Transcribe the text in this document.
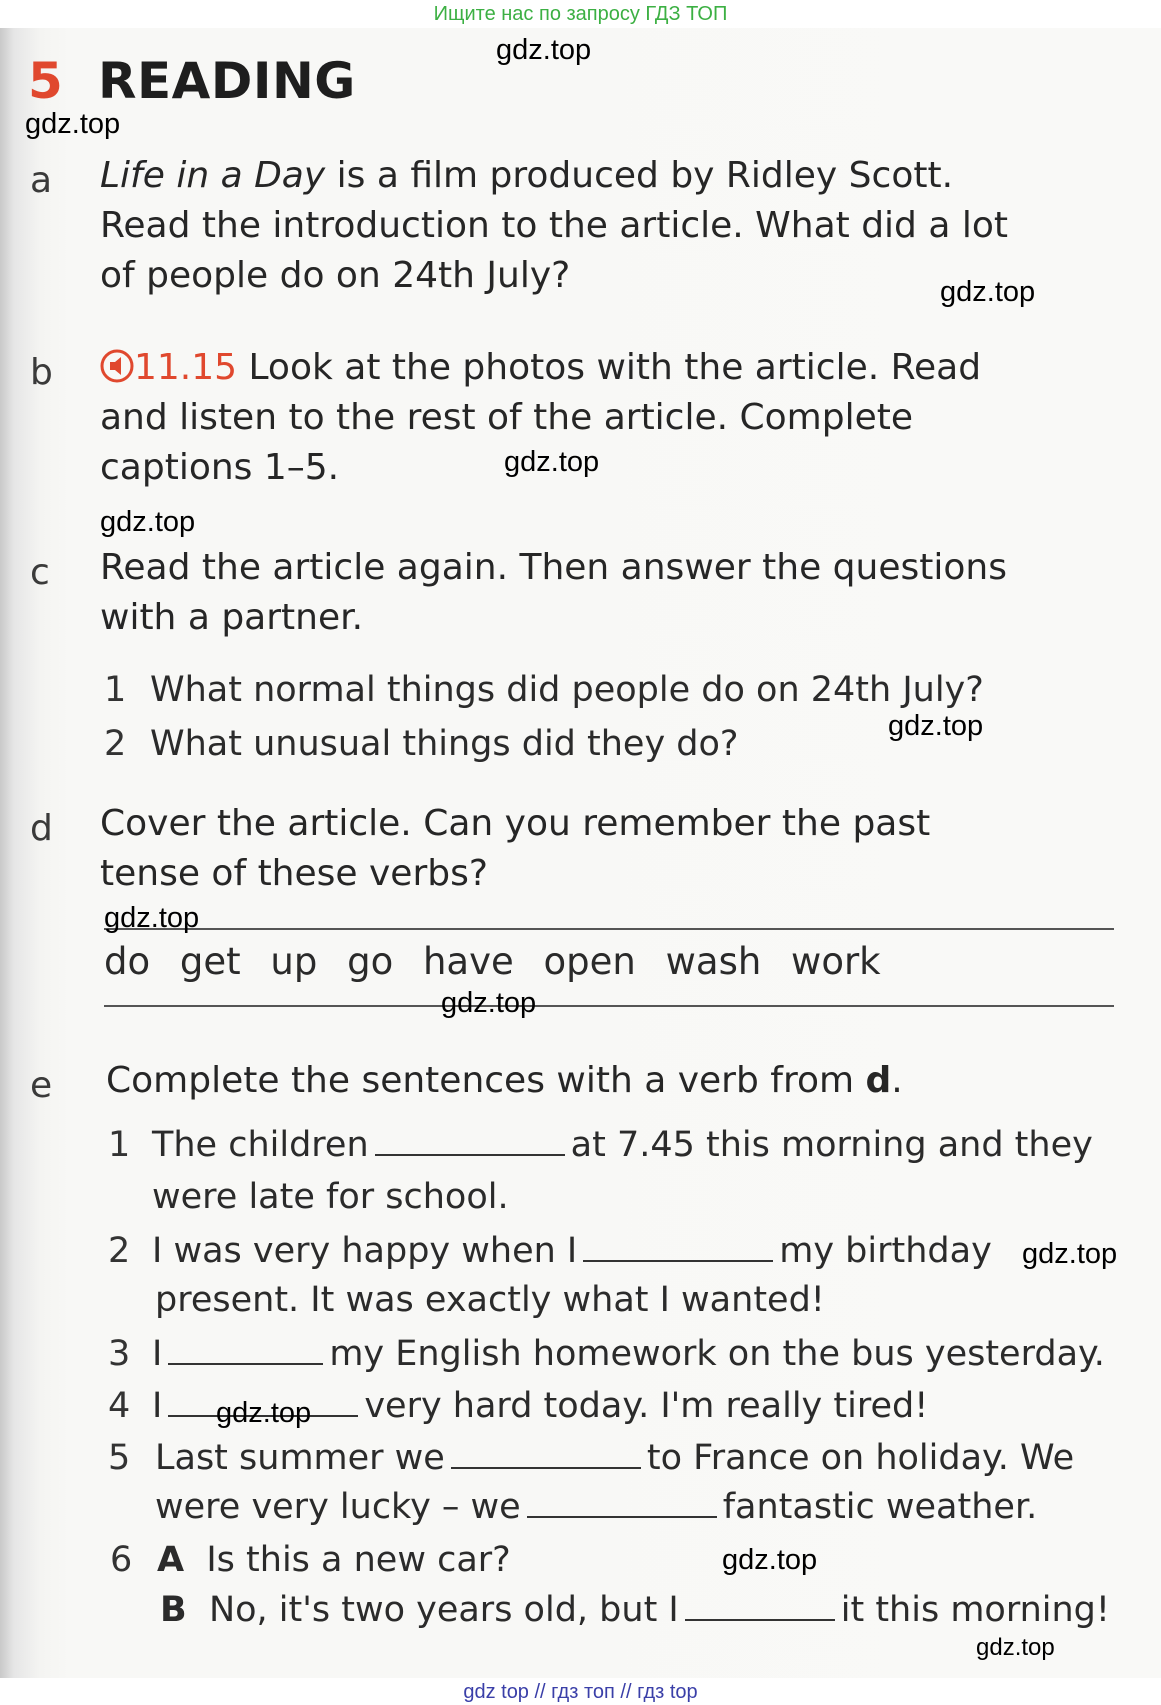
Ищите нас по запросу ГДЗ ТОП
5 READING
a Life in a Day is a film produced by Ridley Scott.
Read the introduction to the article. What did a lot
of people do on 24th July?
b	11.15 Look at the photos with the article. Read
and listen to the rest of the article. Complete
captions 1–5.
c Read the article again. Then answer the questions
with a partner.
1 What normal things did people do on 24th July?
2 What unusual things did they do?
d Cover the article. Can you remember the past
tense of these verbs?
do get up go have open wash work
e Complete the sentences with a verb from d.
1 The children	at 7.45 this morning and they
were late for school.
2 I was very happy when I	my birthday
present. It was exactly what I wanted!
3 I	my English homework on the bus yesterday.
4 I	very hard today. I'm really tired!
5 Last summer we	to France on holiday. We
were very lucky – we	fantastic weather.
6 A Is this a new car?
B No, it's two years old, but I	it this morning!
gdz.top
gdz.top
gdz.top
gdz.top
gdz.top
gdz.top
gdz.top
gdz.top
gdz.top
gdz.top
gdz.top
gdz.top
gdz top // гдз топ // гдз top
